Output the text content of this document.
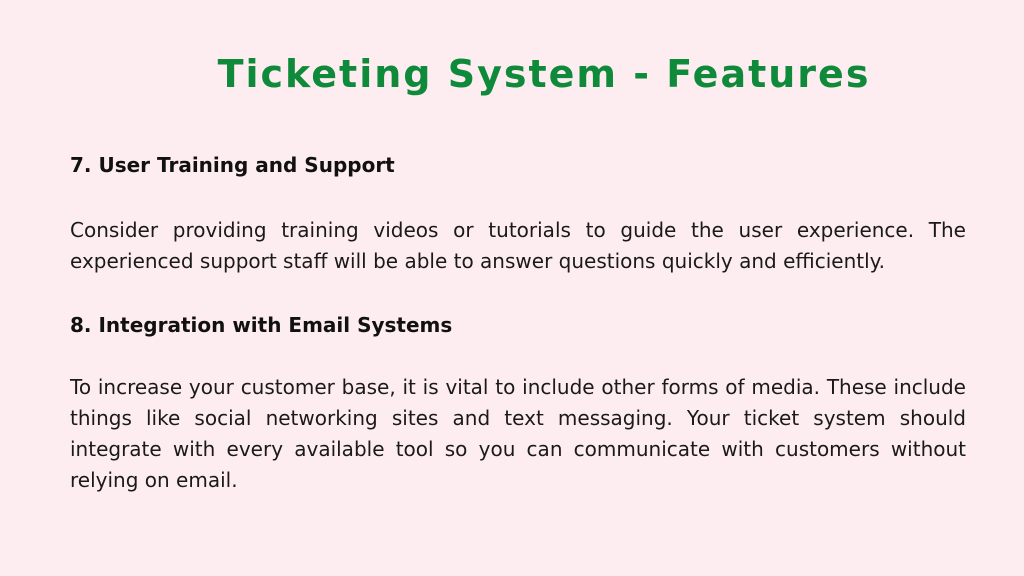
Ticketing System - Features
7. User Training and Support

Consider providing training videos or tutorials to guide the user experience. The experienced support staff will be able to answer questions quickly and efficiently.

8. Integration with Email Systems

To increase your customer base, it is vital to include other forms of media. These include things like social networking sites and text messaging. Your ticket system should integrate with every available tool so you can communicate with customers without relying on email.
